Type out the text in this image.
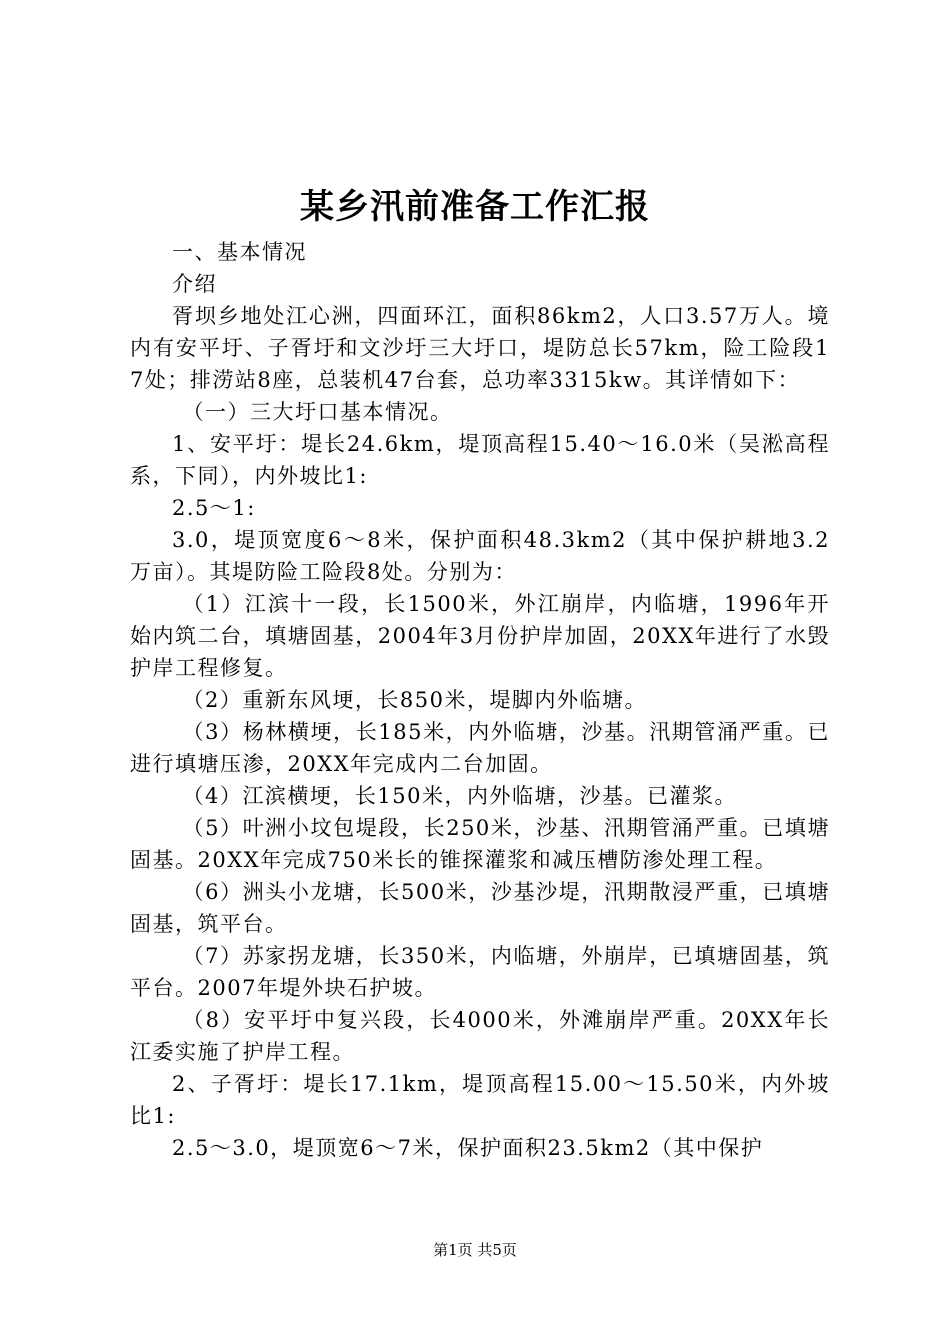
某乡汛前准备工作汇报

一、基本情况

介绍

胥坝乡地处江心洲，四面环江，面积86km2，人口3.57万人。境内有安平圩、子胥圩和文沙圩三大圩口，堤防总长57km，险工险段17处；排涝站8座，总装机47台套，总功率3315kw。其详情如下：

（一）三大圩口基本情况。

1、安平圩：堤长24.6km，堤顶高程15.40～16.0米（吴淞高程系，下同），内外坡比1:

2.5～1:

3.0，堤顶宽度6～8米，保护面积48.3km2（其中保护耕地3.2万亩）。其堤防险工险段8处。分别为：

（1）江滨十一段，长1500米，外江崩岸，内临塘，1996年开始内筑二台，填塘固基，2004年3月份护岸加固，20XX年进行了水毁护岸工程修复。

（2）重新东风埂，长850米，堤脚内外临塘。

（3）杨林横埂，长185米，内外临塘，沙基。汛期管涌严重。已进行填塘压渗，20XX年完成内二台加固。

（4）江滨横埂，长150米，内外临塘，沙基。已灌浆。

（5）叶洲小坟包堤段，长250米，沙基、汛期管涌严重。已填塘固基。20XX年完成750米长的锥探灌浆和减压槽防渗处理工程。

（6）洲头小龙塘，长500米，沙基沙堤，汛期散浸严重，已填塘固基，筑平台。

（7）苏家拐龙塘，长350米，内临塘，外崩岸，已填塘固基，筑平台。2007年堤外块石护坡。

（8）安平圩中复兴段，长4000米，外滩崩岸严重。20XX年长江委实施了护岸工程。

2、子胥圩：堤长17.1km，堤顶高程15.00～15.50米，内外坡比1:

2.5～3.0，堤顶宽6～7米，保护面积23.5km2（其中保护

第1页 共5页
